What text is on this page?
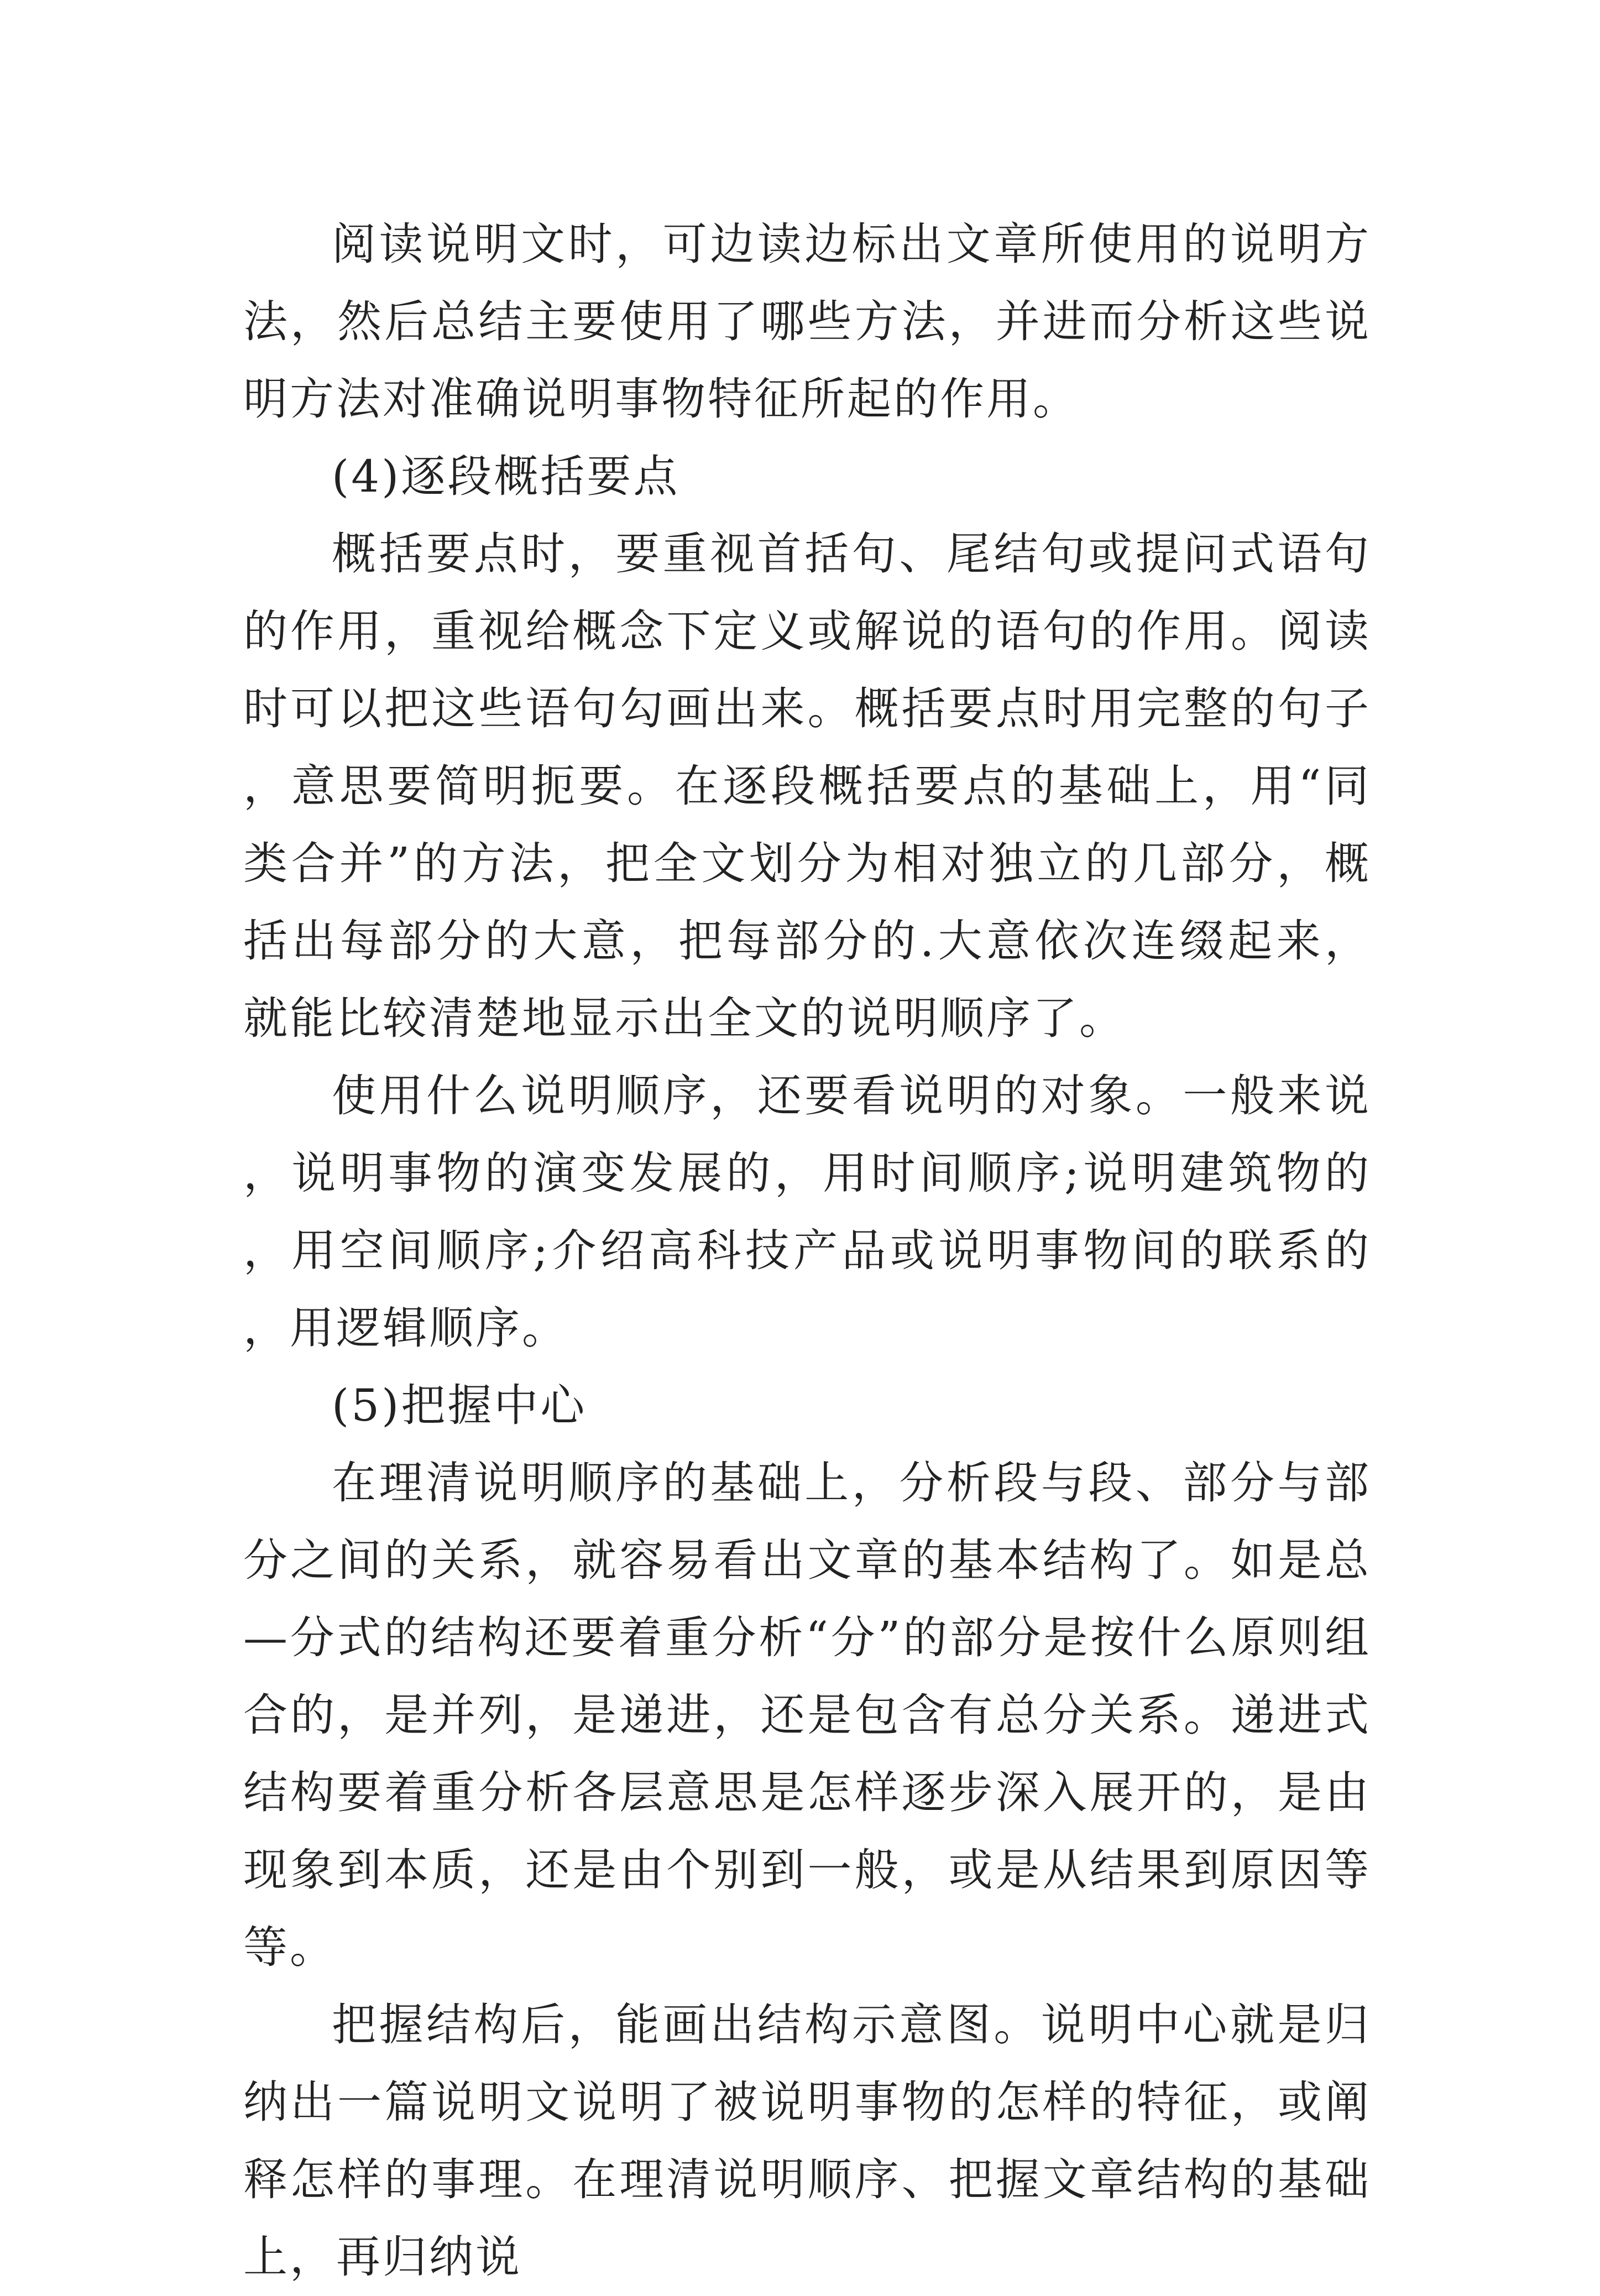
阅读说明文时，可边读边标出文章所使用的说明方法，然后总结主要使用了哪些方法，并进而分析这些说明方法对准确说明事物特征所起的作用。

(4)逐段概括要点

概括要点时，要重视首括句、尾结句或提问式语句的作用，重视给概念下定义或解说的语句的作用。阅读时可以把这些语句勾画出来。概括要点时用完整的句子，意思要简明扼要。在逐段概括要点的基础上，用“同类合并”的方法，把全文划分为相对独立的几部分，概括出每部分的大意，把每部分的.大意依次连缀起来，就能比较清楚地显示出全文的说明顺序了。

使用什么说明顺序，还要看说明的对象。一般来说，说明事物的演变发展的，用时间顺序;说明建筑物的，用空间顺序;介绍高科技产品或说明事物间的联系的，用逻辑顺序。

(5)把握中心

在理清说明顺序的基础上，分析段与段、部分与部分之间的关系，就容易看出文章的基本结构了。如是总—分式的结构还要着重分析“分”的部分是按什么原则组合的，是并列，是递进，还是包含有总分关系。递进式结构要着重分析各层意思是怎样逐步深入展开的，是由现象到本质，还是由个别到一般，或是从结果到原因等等。

把握结构后，能画出结构示意图。说明中心就是归纳出一篇说明文说明了被说明事物的怎样的特征，或阐释怎样的事理。在理清说明顺序、把握文章结构的基础上，再归纳说
